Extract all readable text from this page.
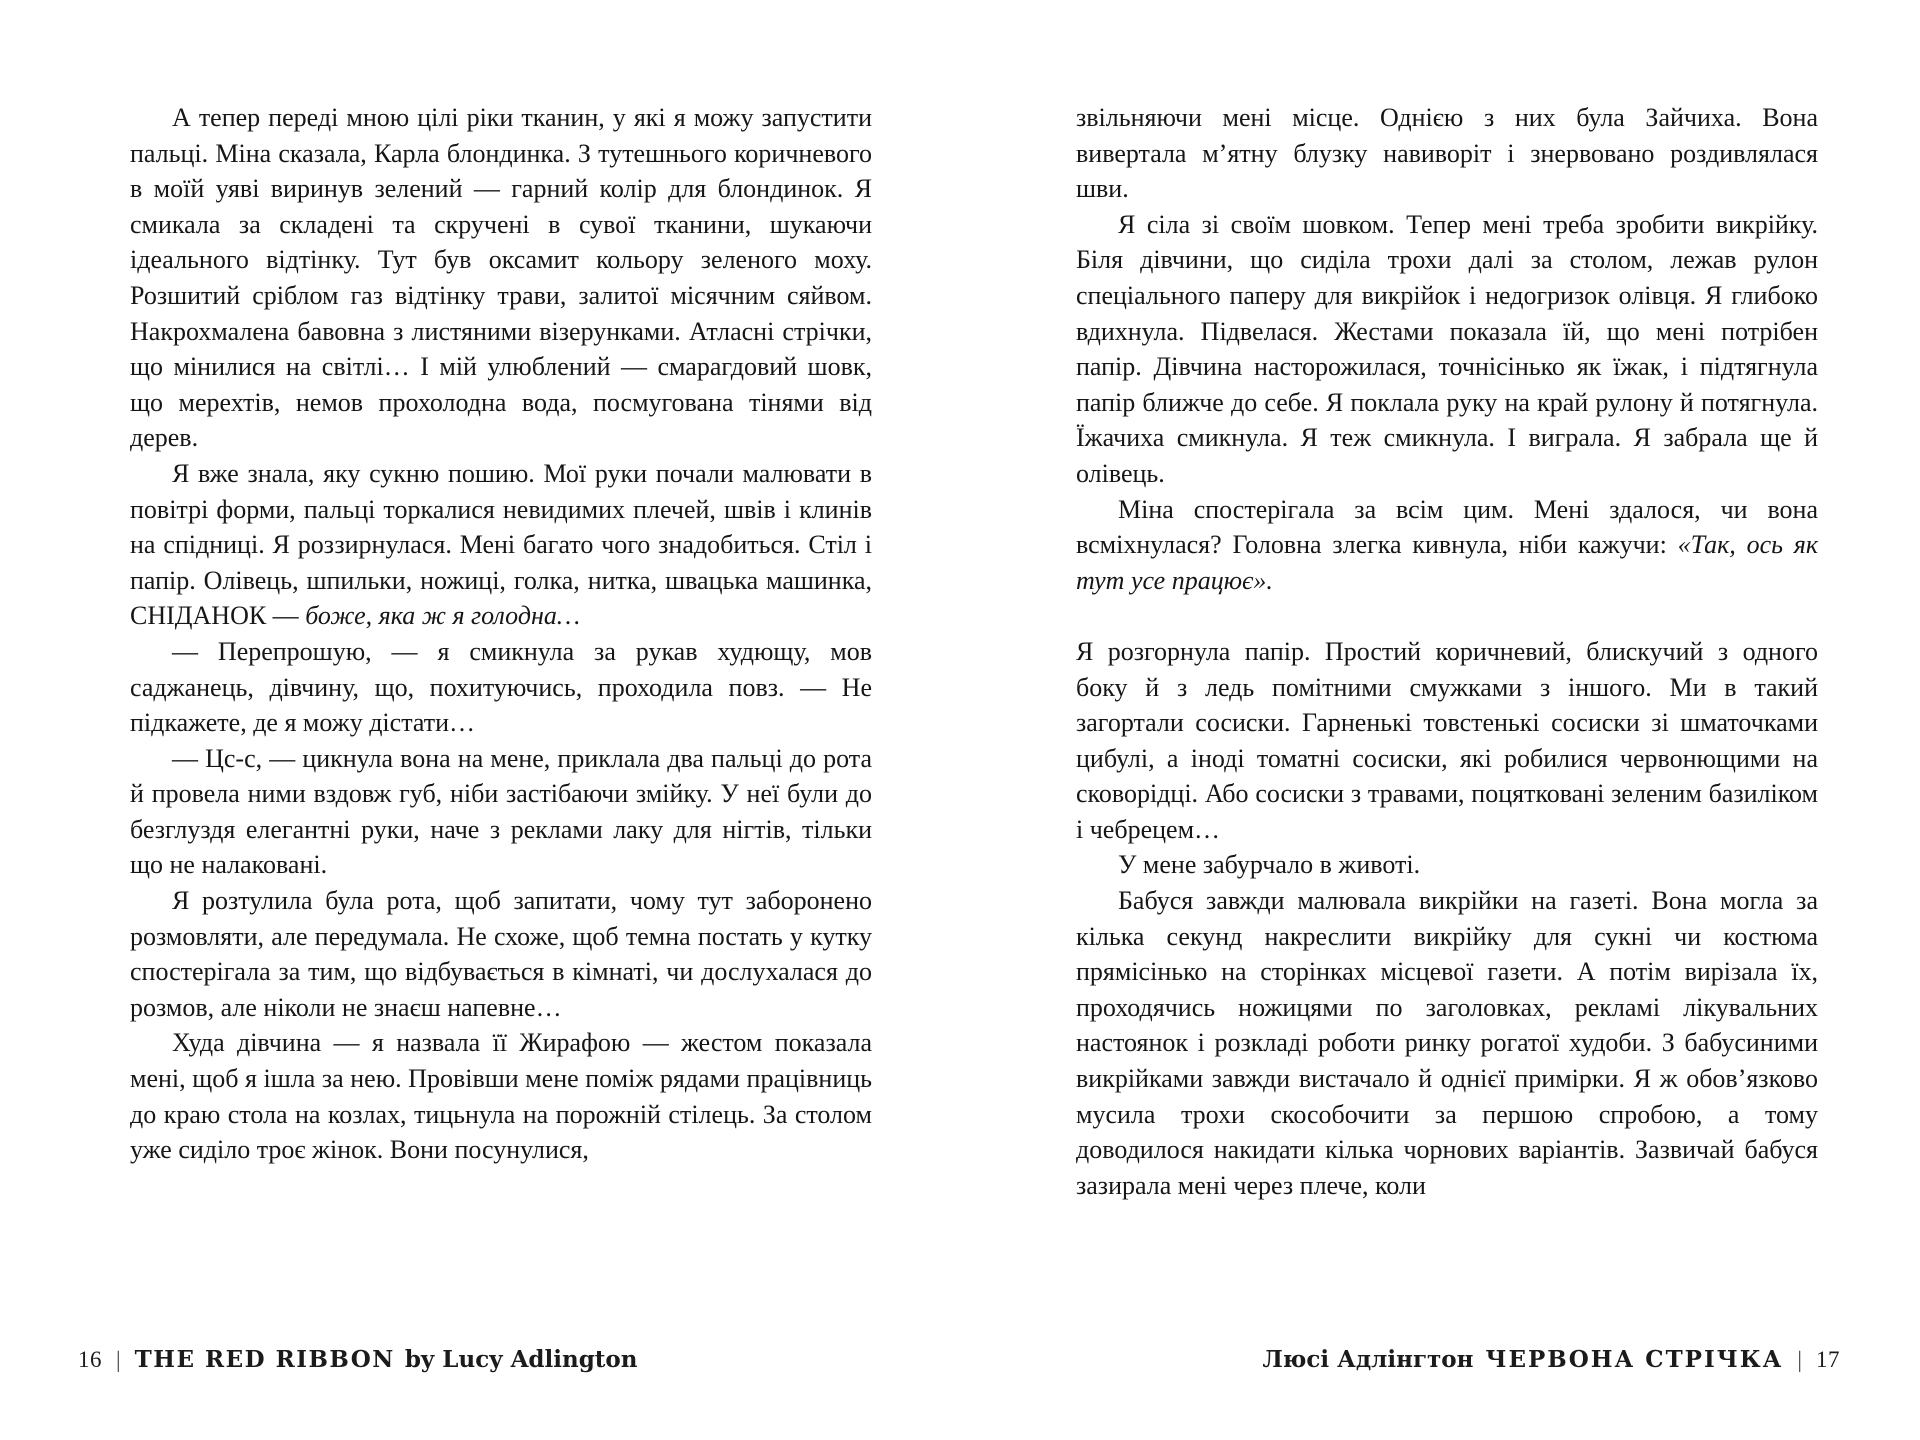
А тепер переді мною цілі ріки тканин, у які я можу запустити пальці. Міна сказала, Карла блондинка. З тутешнього коричневого в моїй уяві виринув зелений — гарний колір для блондинок. Я смикала за складені та скручені в сувої тканини, шукаючи ідеального відтінку. Тут був оксамит кольору зеленого моху. Розшитий сріблом газ відтінку трави, залитої місячним сяйвом. Накрохмалена бавовна з листяними візерунками. Атласні стрічки, що мінилися на світлі… І мій улюблений — смарагдовий шовк, що мерехтів, немов прохолодна вода, посмугована тінями від дерев.

Я вже знала, яку сукню пошию. Мої руки почали малювати в повітрі форми, пальці торкалися невидимих плечей, швів і клинів на спідниці. Я роззирнулася. Мені багато чого знадобиться. Стіл і папір. Олівець, шпильки, ножиці, голка, нитка, швацька машинка, СНІДАНОК — боже, яка ж я голодна…

— Перепрошую, — я смикнула за рукав худющу, мов саджанець, дівчину, що, похитуючись, проходила повз. — Не підкажете, де я можу дістати…

— Цс-с, — цикнула вона на мене, приклала два пальці до рота й провела ними вздовж губ, ніби застібаючи змійку. У неї були до безглуздя елегантні руки, наче з реклами лаку для нігтів, тільки що не налаковані.

Я розтулила була рота, щоб запитати, чому тут заборонено розмовляти, але передумала. Не схоже, щоб темна постать у кутку спостерігала за тим, що відбувається в кімнаті, чи дослухалася до розмов, але ніколи не знаєш напевне…

Худа дівчина — я назвала її Жирафою — жестом показала мені, щоб я ішла за нею. Провівши мене поміж рядами працівниць до краю стола на козлах, тицьнула на порожній стілець. За столом уже сиділо троє жінок. Вони посунулися,

звільняючи мені місце. Однією з них була Зайчиха. Вона вивертала м’ятну блузку навиворіт і знервовано роздивлялася шви.

Я сіла зі своїм шовком. Тепер мені треба зробити викрійку. Біля дівчини, що сиділа трохи далі за столом, лежав рулон спеціального паперу для викрійок і недогризок олівця. Я глибоко вдихнула. Підвелася. Жестами показала їй, що мені потрібен папір. Дівчина насторожилася, точнісінько як їжак, і підтягнула папір ближче до себе. Я поклала руку на край рулону й потягнула. Їжачиха смикнула. Я теж смикнула. І виграла. Я забрала ще й олівець.

Міна спостерігала за всім цим. Мені здалося, чи вона всміхнулася? Головна злегка кивнула, ніби кажучи: «Так, ось як тут усе працює».

Я розгорнула папір. Простий коричневий, блискучий з одного боку й з ледь помітними смужками з іншого. Ми в такий загортали сосиски. Гарненькі товстенькі сосиски зі шматочками цибулі, а іноді томатні сосиски, які робилися червонющими на сковорідці. Або сосиски з травами, поцятковані зеленим базиліком і чебрецем…

У мене забурчало в животі.

Бабуся завжди малювала викрійки на газеті. Вона могла за кілька секунд накреслити викрійку для сукні чи костюма прямісінько на сторінках місцевої газети. А потім вирізала їх, проходячись ножицями по заголовках, рекламі лікувальних настоянок і розкладі роботи ринку рогатої худоби. З бабусиними викрійками завжди вистачало й однієї примірки. Я ж обов’язково мусила трохи скособочити за першою спробою, а тому доводилося накидати кілька чорнових варіантів. Зазвичай бабуся зазирала мені через плече, коли

16 | THE RED RIBBON by Lucy Adlington	Люсі Адлінгтон ЧЕРВОНА СТРІЧКА | 17
